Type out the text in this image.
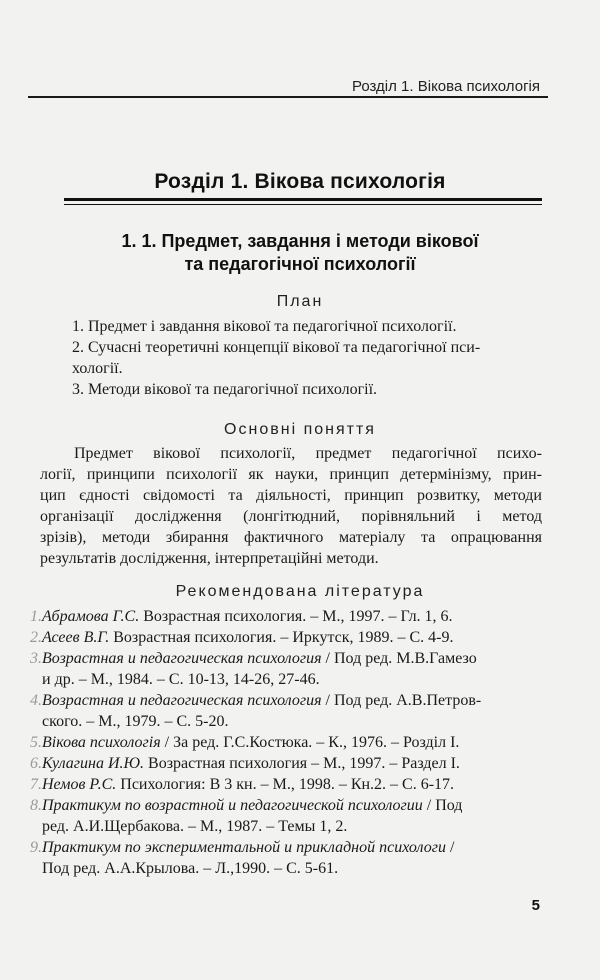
Розділ 1. Вікова психологія
Розділ 1. Вікова психологія
1. 1. Предмет, завдання і методи вікової
та педагогічної психології
План
1. Предмет і завдання вікової та педагогічної психології.
2. Сучасні теоретичні концепції вікової та педагогічної пси-
хології.
3. Методи вікової та педагогічної психології.
Основні поняття
Предмет вікової психології, предмет педагогічної психо-
логії, принципи психології як науки, принцип детермінізму, прин-
цип єдності свідомості та діяльності, принцип розвитку, методи
організації дослідження (лонгітюдний, порівняльний і метод
зрізів), методи збирання фактичного матеріалу та опрацювання
результатів дослідження, інтерпретаційні методи.
Рекомендована література
1.Абрамова Г.С. Возрастная психология. – М., 1997. – Гл. 1, 6.
2.Асеев В.Г. Возрастная психология. – Иркутск, 1989. – С. 4-9.
3.Возрастная и педагогическая психология / Под ред. М.В.Гамезо
и др. – М., 1984. – С. 10-13, 14-26, 27-46.
4.Возрастная и педагогическая психология / Под ред. А.В.Петров-
ского. – М., 1979. – С. 5-20.
5.Вікова психологія / За ред. Г.С.Костюка. – К., 1976. – Розділ І.
6.Кулагина И.Ю. Возрастная психология – М., 1997. – Раздел І.
7.Немов Р.С. Психология: В 3 кн. – М., 1998. – Кн.2. – С. 6-17.
8.Практикум по возрастной и педагогической психологии / Под
ред. А.И.Щербакова. – М., 1987. – Темы 1, 2.
9.Практикум по экспериментальной и прикладной психологи /
Под ред. А.А.Крылова. – Л.,1990. – С. 5-61.
5
